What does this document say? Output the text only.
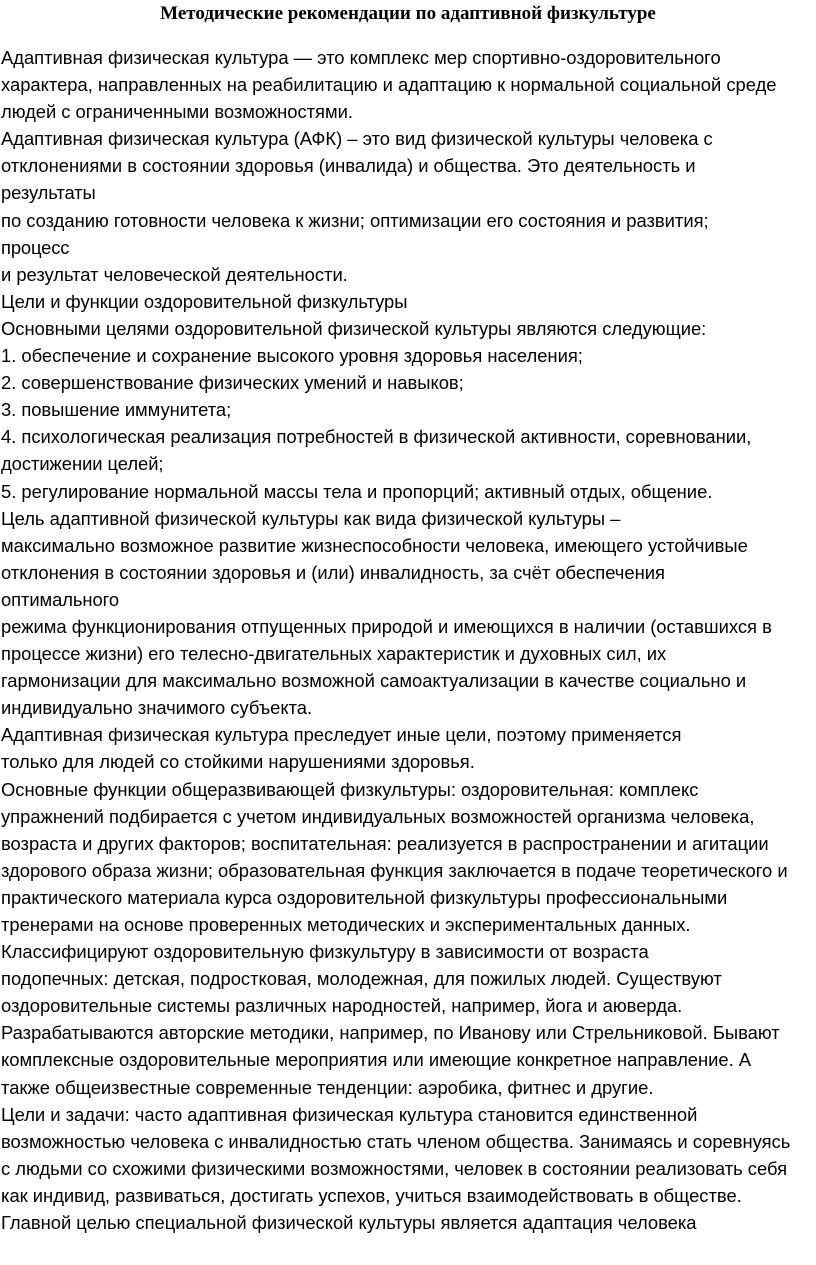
Методические рекомендации по адаптивной физкультуре
Адаптивная физическая культура — это комплекс мер спортивно-оздоровительного
характера, направленных на реабилитацию и адаптацию к нормальной социальной среде
людей с ограниченными возможностями.
Адаптивная физическая культура (АФК) – это вид физической культуры человека с
отклонениями в состоянии здоровья (инвалида) и общества. Это деятельность и
результаты
по созданию готовности человека к жизни; оптимизации его состояния и развития;
процесс
и результат человеческой деятельности.
Цели и функции оздоровительной физкультуры
Основными целями оздоровительной физической культуры являются следующие:
1. обеспечение и сохранение высокого уровня здоровья населения;
2. совершенствование физических умений и навыков;
3. повышение иммунитета;
4. психологическая реализация потребностей в физической активности, соревновании,
достижении целей;
5. регулирование нормальной массы тела и пропорций; активный отдых, общение.
Цель адаптивной физической культуры как вида физической культуры –
максимально возможное развитие жизнеспособности человека, имеющего устойчивые
отклонения в состоянии здоровья и (или) инвалидность, за счёт обеспечения
оптимального
режима функционирования отпущенных природой и имеющихся в наличии (оставшихся в
процессе жизни) его телесно-двигательных характеристик и духовных сил, их
гармонизации для максимально возможной самоактуализации в качестве социально и
индивидуально значимого субъекта.
Адаптивная физическая культура преследует иные цели, поэтому применяется
только для людей со стойкими нарушениями здоровья.
Основные функции общеразвивающей физкультуры: оздоровительная: комплекс
упражнений подбирается с учетом индивидуальных возможностей организма человека,
возраста и других факторов; воспитательная: реализуется в распространении и агитации
здорового образа жизни; образовательная функция заключается в подаче теоретического и
практического материала курса оздоровительной физкультуры профессиональными
тренерами на основе проверенных методических и экспериментальных данных.
Классифицируют оздоровительную физкультуру в зависимости от возраста
подопечных: детская, подростковая, молодежная, для пожилых людей. Существуют
оздоровительные системы различных народностей, например, йога и аюверда.
Разрабатываются авторские методики, например, по Иванову или Стрельниковой. Бывают
комплексные оздоровительные мероприятия или имеющие конкретное направление. А
также общеизвестные современные тенденции: аэробика, фитнес и другие.
Цели и задачи: часто адаптивная физическая культура становится единственной
возможностью человека с инвалидностью стать членом общества. Занимаясь и соревнуясь
с людьми со схожими физическими возможностями, человек в состоянии реализовать себя
как индивид, развиваться, достигать успехов, учиться взаимодействовать в обществе.
Главной целью специальной физической культуры является адаптация человека
